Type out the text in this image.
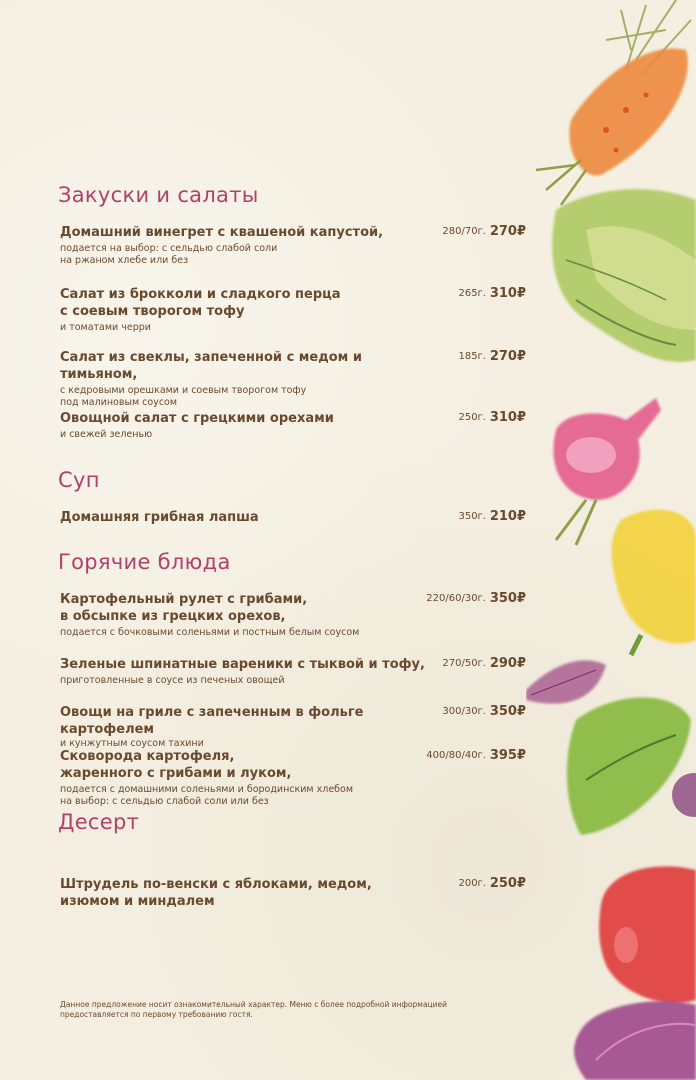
Закуски и салаты
Домашний винегрет с квашеной капустой,
подается на выбор: с сельдью слабой соли
на ржаном хлебе или без
280/70г. 270₽
Салат из брокколи и сладкого перца
с соевым творогом тофу
и томатами черри
265г. 310₽
Салат из свеклы, запеченной с медом и тимьяном,
с кедровыми орешками и соевым творогом тофу
под малиновым соусом
185г. 270₽
Овощной салат с грецкими орехами
и свежей зеленью
250г. 310₽
Суп
Домашняя грибная лапша	350г. 210₽
Горячие блюда
Картофельный рулет с грибами,
в обсыпке из грецких орехов,
подается с бочковыми соленьями и постным белым соусом
220/60/30г. 350₽
Зеленые шпинатные вареники с тыквой и тофу,
приготовленные в соусе из печеных овощей
270/50г. 290₽
Овощи на гриле с запеченным в фольге картофелем
и кунжутным соусом тахини
300/30г. 350₽
Сковорода картофеля,
жаренного с грибами и луком,
подается с домашними соленьями и бородинским хлебом
на выбор: с сельдью слабой соли или без
400/80/40г. 395₽
Десерт
Штрудель по-венски с яблоками, медом,
изюмом и миндалем
200г. 250₽
Данное предложение носит ознакомительный характер. Меню с более подробной информацией
предоставляется по первому требованию гостя.
